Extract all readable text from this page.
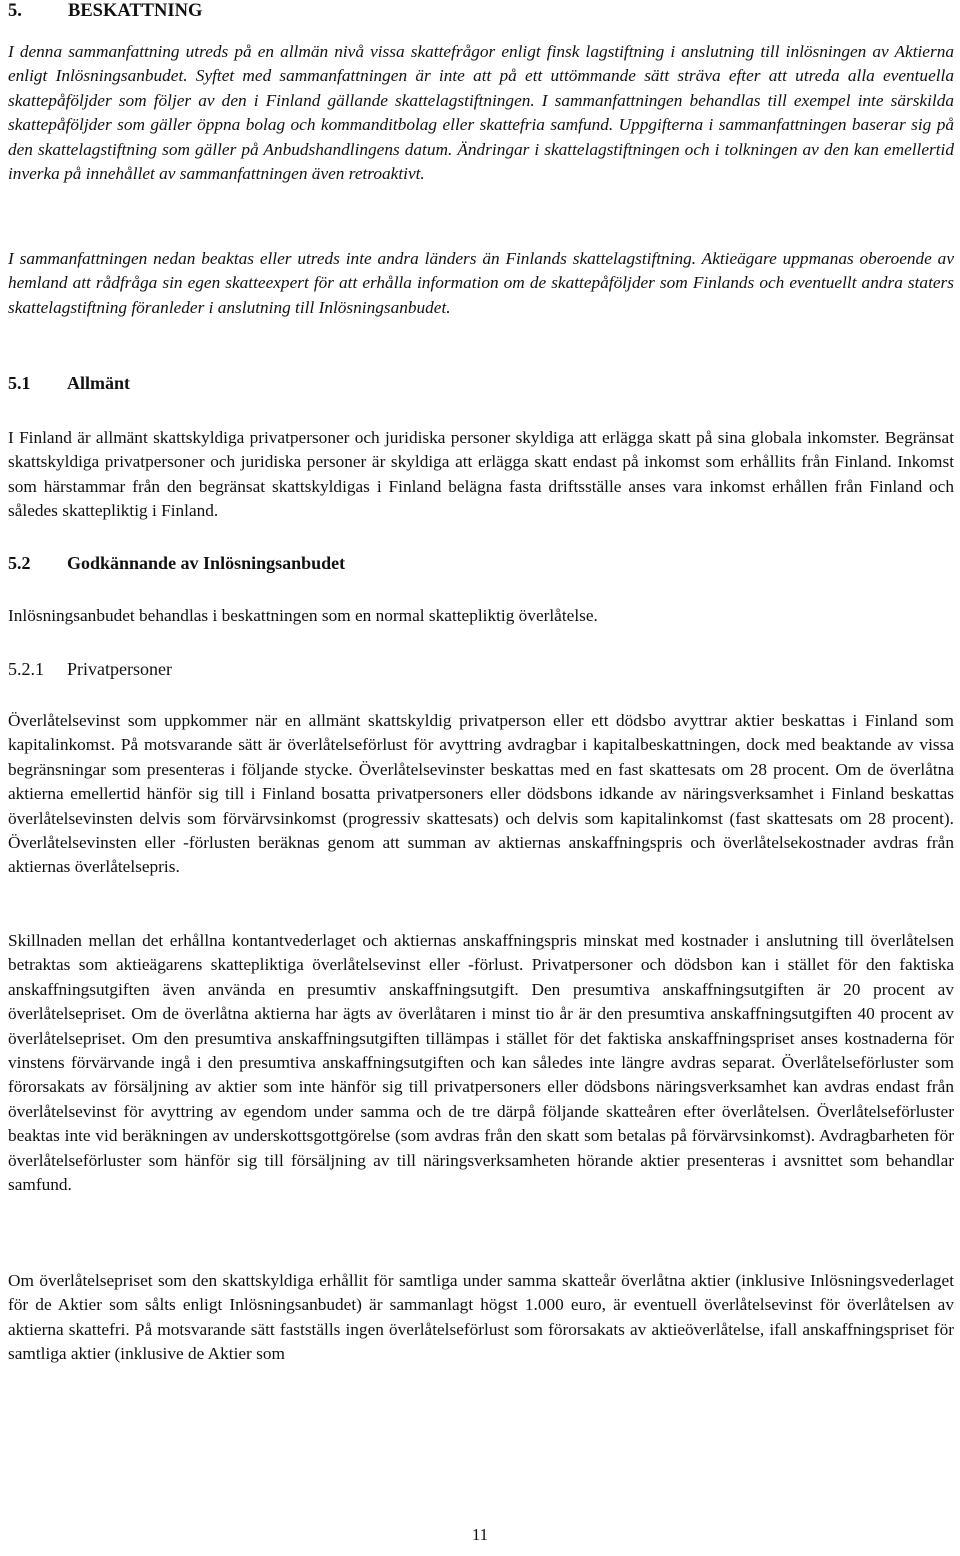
5. BESKATTNING

I denna sammanfattning utreds på en allmän nivå vissa skattefrågor enligt finsk lagstiftning i anslutning till inlösningen av Aktierna enligt Inlösningsanbudet. Syftet med sammanfattningen är inte att på ett uttömmande sätt sträva efter att utreda alla eventuella skattepåföljder som följer av den i Finland gällande skattelagstiftningen. I sammanfattningen behandlas till exempel inte särskilda skattepåföljder som gäller öppna bolag och kommanditbolag eller skattefria samfund. Uppgifterna i sammanfattningen baserar sig på den skattelagstiftning som gäller på Anbudshandlingens datum. Ändringar i skattelagstiftningen och i tolkningen av den kan emellertid inverka på innehållet av sammanfattningen även retroaktivt.

I sammanfattningen nedan beaktas eller utreds inte andra länders än Finlands skattelagstiftning. Aktieägare uppmanas oberoende av hemland att rådfråga sin egen skatteexpert för att erhålla information om de skattepåföljder som Finlands och eventuellt andra staters skattelagstiftning föranleder i anslutning till Inlösningsanbudet.

5.1 Allmänt

I Finland är allmänt skattskyldiga privatpersoner och juridiska personer skyldiga att erlägga skatt på sina globala inkomster. Begränsat skattskyldiga privatpersoner och juridiska personer är skyldiga att erlägga skatt endast på inkomst som erhållits från Finland. Inkomst som härstammar från den begränsat skattskyldigas i Finland belägna fasta driftsställe anses vara inkomst erhållen från Finland och således skattepliktig i Finland.

5.2 Godkännande av Inlösningsanbudet

Inlösningsanbudet behandlas i beskattningen som en normal skattepliktig överlåtelse.

5.2.1 Privatpersoner

Överlåtelsevinst som uppkommer när en allmänt skattskyldig privatperson eller ett dödsbo avyttrar aktier beskattas i Finland som kapitalinkomst. På motsvarande sätt är överlåtelseförlust för avyttring avdragbar i kapitalbeskattningen, dock med beaktande av vissa begränsningar som presenteras i följande stycke. Överlåtelsevinster beskattas med en fast skattesats om 28 procent. Om de överlåtna aktierna emellertid hänför sig till i Finland bosatta privatpersoners eller dödsbons idkande av näringsverksamhet i Finland beskattas överlåtelsevinsten delvis som förvärvsinkomst (progressiv skattesats) och delvis som kapitalinkomst (fast skattesats om 28 procent). Överlåtelsevinsten eller -förlusten beräknas genom att summan av aktiernas anskaffningspris och överlåtelsekostnader avdras från aktiernas överlåtelsepris.

Skillnaden mellan det erhållna kontantvederlaget och aktiernas anskaffningspris minskat med kostnader i anslutning till överlåtelsen betraktas som aktieägarens skattepliktiga överlåtelsevinst eller -förlust. Privatpersoner och dödsbon kan i stället för den faktiska anskaffningsutgiften även använda en presumtiv anskaffningsutgift. Den presumtiva anskaffningsutgiften är 20 procent av överlåtelsepriset. Om de överlåtna aktierna har ägts av överlåtaren i minst tio år är den presumtiva anskaffningsutgiften 40 procent av överlåtelsepriset. Om den presumtiva anskaffningsutgiften tillämpas i stället för det faktiska anskaffningspriset anses kostnaderna för vinstens förvärvande ingå i den presumtiva anskaffningsutgiften och kan således inte längre avdras separat. Överlåtelseförluster som förorsakats av försäljning av aktier som inte hänför sig till privatpersoners eller dödsbons näringsverksamhet kan avdras endast från överlåtelsevinst för avyttring av egendom under samma och de tre därpå följande skatteåren efter överlåtelsen. Överlåtelseförluster beaktas inte vid beräkningen av underskottsgottgörelse (som avdras från den skatt som betalas på förvärvsinkomst). Avdragbarheten för överlåtelseförluster som hänför sig till försäljning av till näringsverksamheten hörande aktier presenteras i avsnittet som behandlar samfund.

Om överlåtelsepriset som den skattskyldiga erhållit för samtliga under samma skatteår överlåtna aktier (inklusive Inlösningsvederlaget för de Aktier som sålts enligt Inlösningsanbudet) är sammanlagt högst 1.000 euro, är eventuell överlåtelsevinst för överlåtelsen av aktierna skattefri. På motsvarande sätt fastställs ingen överlåtelseförlust som förorsakats av aktieöverlåtelse, ifall anskaffningspriset för samtliga aktier (inklusive de Aktier som

11
